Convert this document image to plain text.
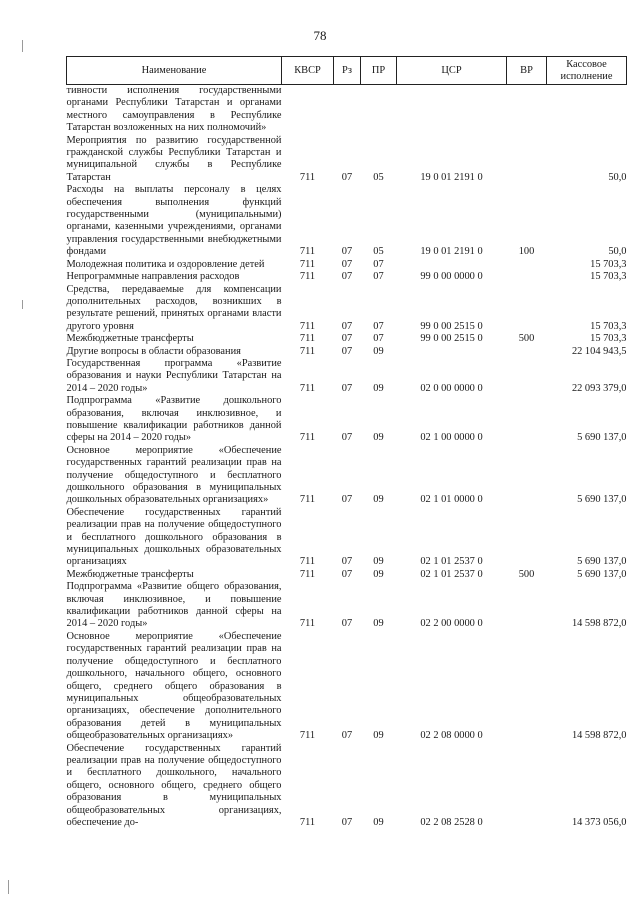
78
Наименование	КВСР	Рз	ПР	ЦСР	ВР	Кассовое исполнение
тивности исполнения государственными органами Республики Татарстан и органами местного самоуправления в Республике Татарстан возложенных на них полномочий»						
Мероприятия по развитию государственной гражданской службы Республики Татарстан и муниципальной службы в Республике Татарстан	711	07	05	19 0 01 2191 0		50,0
Расходы на выплаты персоналу в целях обеспечения выполнения функций государственными (муниципальными) органами, казенными учреждениями, органами управления государственными внебюджетными фондами	711	07	05	19 0 01 2191 0	100	50,0
Молодежная политика и оздоровление детей	711	07	07			15 703,3
Непрограммные направления расходов	711	07	07	99 0 00 0000 0		15 703,3
Средства, передаваемые для компенсации дополнительных расходов, возникших в результате решений, принятых органами власти другого уровня	711	07	07	99 0 00 2515 0		15 703,3
Межбюджетные трансферты	711	07	07	99 0 00 2515 0	500	15 703,3
Другие вопросы в области образования	711	07	09			22 104 943,5
Государственная программа «Развитие образования и науки Республики Татарстан на 2014 – 2020 годы»	711	07	09	02 0 00 0000 0		22 093 379,0
Подпрограмма «Развитие дошкольного образования, включая инклюзивное, и повышение квалификации работников данной сферы на 2014 – 2020 годы»	711	07	09	02 1 00 0000 0		5 690 137,0
Основное мероприятие «Обеспечение государственных гарантий реализации прав на получение общедоступного и бесплатного дошкольного образования в муниципальных дошкольных образовательных организациях»	711	07	09	02 1 01 0000 0		5 690 137,0
Обеспечение государственных гарантий реализации прав на получение общедоступного и бесплатного дошкольного образования в муниципальных дошкольных образовательных организациях	711	07	09	02 1 01 2537 0		5 690 137,0
Межбюджетные трансферты	711	07	09	02 1 01 2537 0	500	5 690 137,0
Подпрограмма «Развитие общего образования, включая инклюзивное, и повышение квалификации работников данной сферы на 2014 – 2020 годы»	711	07	09	02 2 00 0000 0		14 598 872,0
Основное мероприятие «Обеспечение государственных гарантий реализации прав на получение общедоступного и бесплатного дошкольного, начального общего, основного общего, среднего общего образования в муниципальных общеобразовательных организациях, обеспечение дополнительного образования детей в муниципальных общеобразовательных организациях»	711	07	09	02 2 08 0000 0		14 598 872,0
Обеспечение государственных гарантий реализации прав на получение общедоступного и бесплатного дошкольного, начального общего, основного общего, среднего общего образования в муниципальных общеобразовательных организациях, обеспечение до-	711	07	09	02 2 08 2528 0		14 373 056,0
